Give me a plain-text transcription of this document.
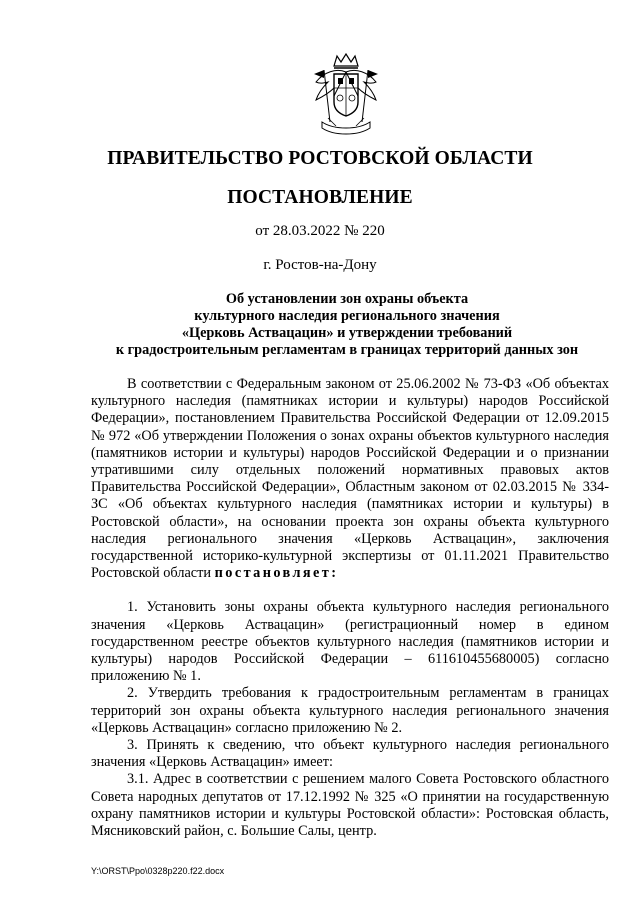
ПРАВИТЕЛЬСТВО РОСТОВСКОЙ ОБЛАСТИ
ПОСТАНОВЛЕНИЕ
от 28.03.2022 № 220
г. Ростов-на-Дону
Об установлении зон охраны объекта
культурного наследия регионального значения
«Церковь Аствацацин» и утверждении требований
к градостроительным регламентам в границах территорий данных зон

В соответствии с Федеральным законом от 25.06.2002 № 73-ФЗ «Об объектах культурного наследия (памятниках истории и культуры) народов Российской Федерации», постановлением Правительства Российской Федерации от 12.09.2015 № 972 «Об утверждении Положения о зонах охраны объектов культурного наследия (памятников истории и культуры) народов Российской Федерации и о признании утратившими силу отдельных положений нормативных правовых актов Правительства Российской Федерации», Областным законом от 02.03.2015 № 334-ЗС «Об объектах культурного наследия (памятниках истории и культуры) в Ростовской области», на основании проекта зон охраны объекта культурного наследия регионального значения «Церковь Аствацацин», заключения государственной историко-культурной экспертизы от 01.11.2021 Правительство Ростовской области постановляет:

1. Установить зоны охраны объекта культурного наследия регионального значения «Церковь Аствацацин» (регистрационный номер в едином государственном реестре объектов культурного наследия (памятников истории и культуры) народов Российской Федерации – 611610455680005) согласно приложению № 1.

2. Утвердить требования к градостроительным регламентам в границах территорий зон охраны объекта культурного наследия регионального значения «Церковь Аствацацин» согласно приложению № 2.

3. Принять к сведению, что объект культурного наследия регионального значения «Церковь Аствацацин» имеет:

3.1. Адрес в соответствии с решением малого Совета Ростовского областного Совета народных депутатов от 17.12.1992 № 325 «О принятии на государственную охрану памятников истории и культуры Ростовской области»: Ростовская область, Мясниковский район, с. Большие Салы, центр.

Y:\ORST\Ppo\0328p220.f22.docx
